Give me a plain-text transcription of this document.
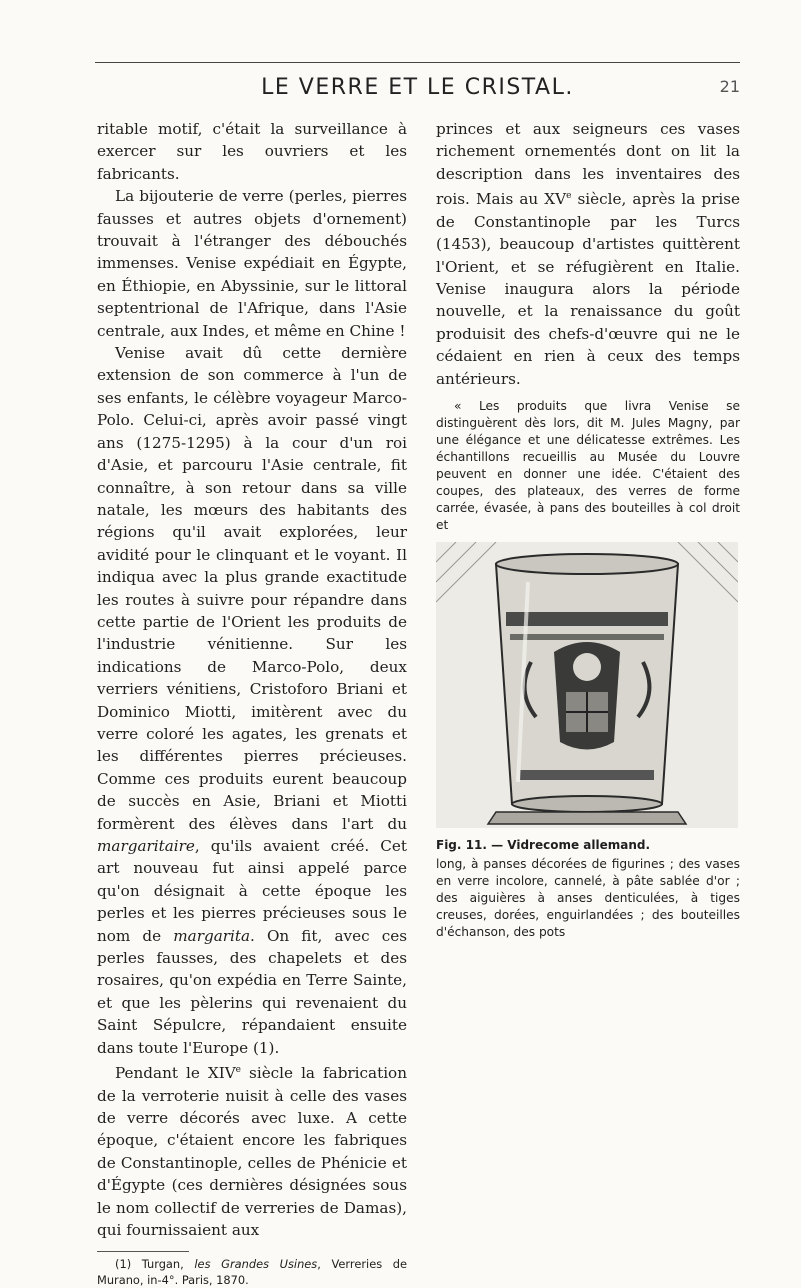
LE VERRE ET LE CRISTAL.	21

ritable motif, c'était la surveillance à exercer sur les ouvriers et les fabricants.

La bijouterie de verre (perles, pierres fausses et autres objets d'ornement) trouvait à l'étranger des débouchés immenses. Venise expédiait en Égypte, en Éthiopie, en Abyssinie, sur le littoral septentrional de l'Afrique, dans l'Asie centrale, aux Indes, et même en Chine !

Venise avait dû cette dernière extension de son commerce à l'un de ses enfants, le célèbre voyageur Marco-Polo. Celui-ci, après avoir passé vingt ans (1275-1295) à la cour d'un roi d'Asie, et parcouru l'Asie centrale, fit connaître, à son retour dans sa ville natale, les mœurs des habitants des régions qu'il avait explorées, leur avidité pour le clinquant et le voyant. Il indiqua avec la plus grande exactitude les routes à suivre pour répandre dans cette partie de l'Orient les produits de l'industrie vénitienne. Sur les indications de Marco-Polo, deux verriers vénitiens, Cristoforo Briani et Dominico Miotti, imitèrent avec du verre coloré les agates, les grenats et les différentes pierres précieuses. Comme ces produits eurent beaucoup de succès en Asie, Briani et Miotti formèrent des élèves dans l'art du margaritaire, qu'ils avaient créé. Cet art nouveau fut ainsi appelé parce qu'on désignait à cette époque les perles et les pierres précieuses sous le nom de margarita. On fit, avec ces perles fausses, des chapelets et des rosaires, qu'on expédia en Terre Sainte, et que les pèlerins qui revenaient du Saint Sépulcre, répandaient ensuite dans toute l'Europe (1).

Pendant le XIVe siècle la fabrication de la verroterie nuisit à celle des vases de verre décorés avec luxe. A cette époque, c'étaient encore les fabriques de Constantinople, celles de Phénicie et d'Égypte (ces dernières désignées sous le nom collectif de verreries de Damas), qui fournissaient aux

(1) Turgan, les Grandes Usines, Verreries de Murano, in-4°. Paris, 1870.

princes et aux seigneurs ces vases richement ornementés dont on lit la description dans les inventaires des rois. Mais au XVe siècle, après la prise de Constantinople par les Turcs (1453), beaucoup d'artistes quittèrent l'Orient, et se réfugièrent en Italie. Venise inaugura alors la période nouvelle, et la renaissance du goût produisit des chefs-d'œuvre qui ne le cédaient en rien à ceux des temps antérieurs.

« Les produits que livra Venise se distinguèrent dès lors, dit M. Jules Magny, par une élégance et une délicatesse extrêmes. Les échantillons recueillis au Musée du Louvre peuvent en donner une idée. C'étaient des coupes, des plateaux, des verres de forme carrée, évasée, à pans des bouteilles à col droit et

Fig. 11. — Vidrecome allemand.

long, à panses décorées de figurines ; des vases en verre incolore, cannelé, à pâte sablée d'or ; des aiguières à anses denticulées, à tiges creuses, dorées, enguirlandées ; des bouteilles d'échanson, des pots
